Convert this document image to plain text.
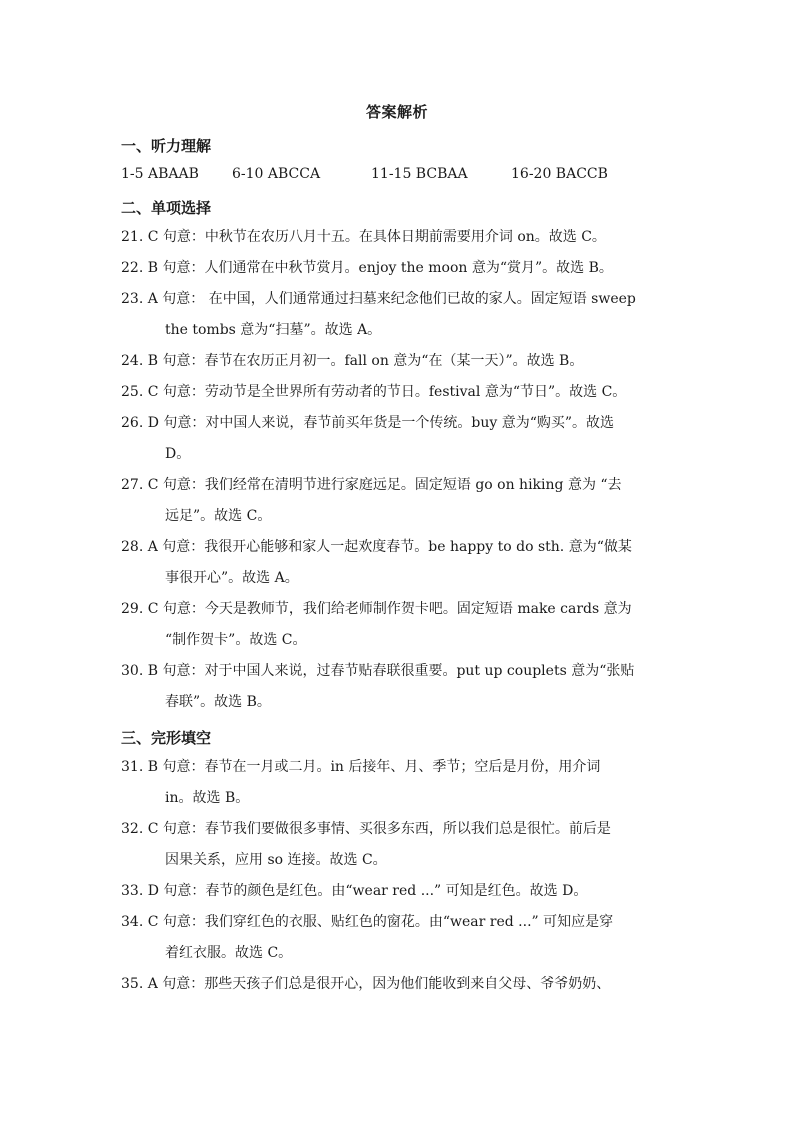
答案解析
一、听力理解
1-5 ABAAB 6-10 ABCCA	11-15 BCBAA	16-20 BACCB
二、单项选择
21. C 句意：中秋节在农历八月十五。在具体日期前需要用介词 on。故选 C。
22. B 句意：人们通常在中秋节赏月。enjoy the moon 意为“赏月”。故选 B。
23. A 句意： 在中国，人们通常通过扫墓来纪念他们已故的家人。固定短语 sweep
the tombs 意为“扫墓”。故选 A。
24. B 句意：春节在农历正月初一。fall on 意为“在（某一天）”。故选 B。
25. C 句意：劳动节是全世界所有劳动者的节日。festival 意为“节日”。故选 C。
26. D 句意：对中国人来说，春节前买年货是一个传统。buy 意为“购买”。故选
D。
27. C 句意：我们经常在清明节进行家庭远足。固定短语 go on hiking 意为 “去
远足”。故选 C。
28. A 句意：我很开心能够和家人一起欢度春节。be happy to do sth. 意为“做某
事很开心”。故选 A。
29. C 句意：今天是教师节，我们给老师制作贺卡吧。固定短语 make cards 意为
“制作贺卡”。故选 C。
30. B 句意：对于中国人来说，过春节贴春联很重要。put up couplets 意为“张贴
春联”。故选 B。
三、完形填空
31. B 句意：春节在一月或二月。in 后接年、月、季节；空后是月份，用介词
in。故选 B。
32. C 句意：春节我们要做很多事情、买很多东西，所以我们总是很忙。前后是
因果关系，应用 so 连接。故选 C。
33. D 句意：春节的颜色是红色。由“wear red ...” 可知是红色。故选 D。
34. C 句意：我们穿红色的衣服、贴红色的窗花。由“wear red ...” 可知应是穿
着红衣服。故选 C。
35. A 句意：那些天孩子们总是很开心，因为他们能收到来自父母、爷爷奶奶、
